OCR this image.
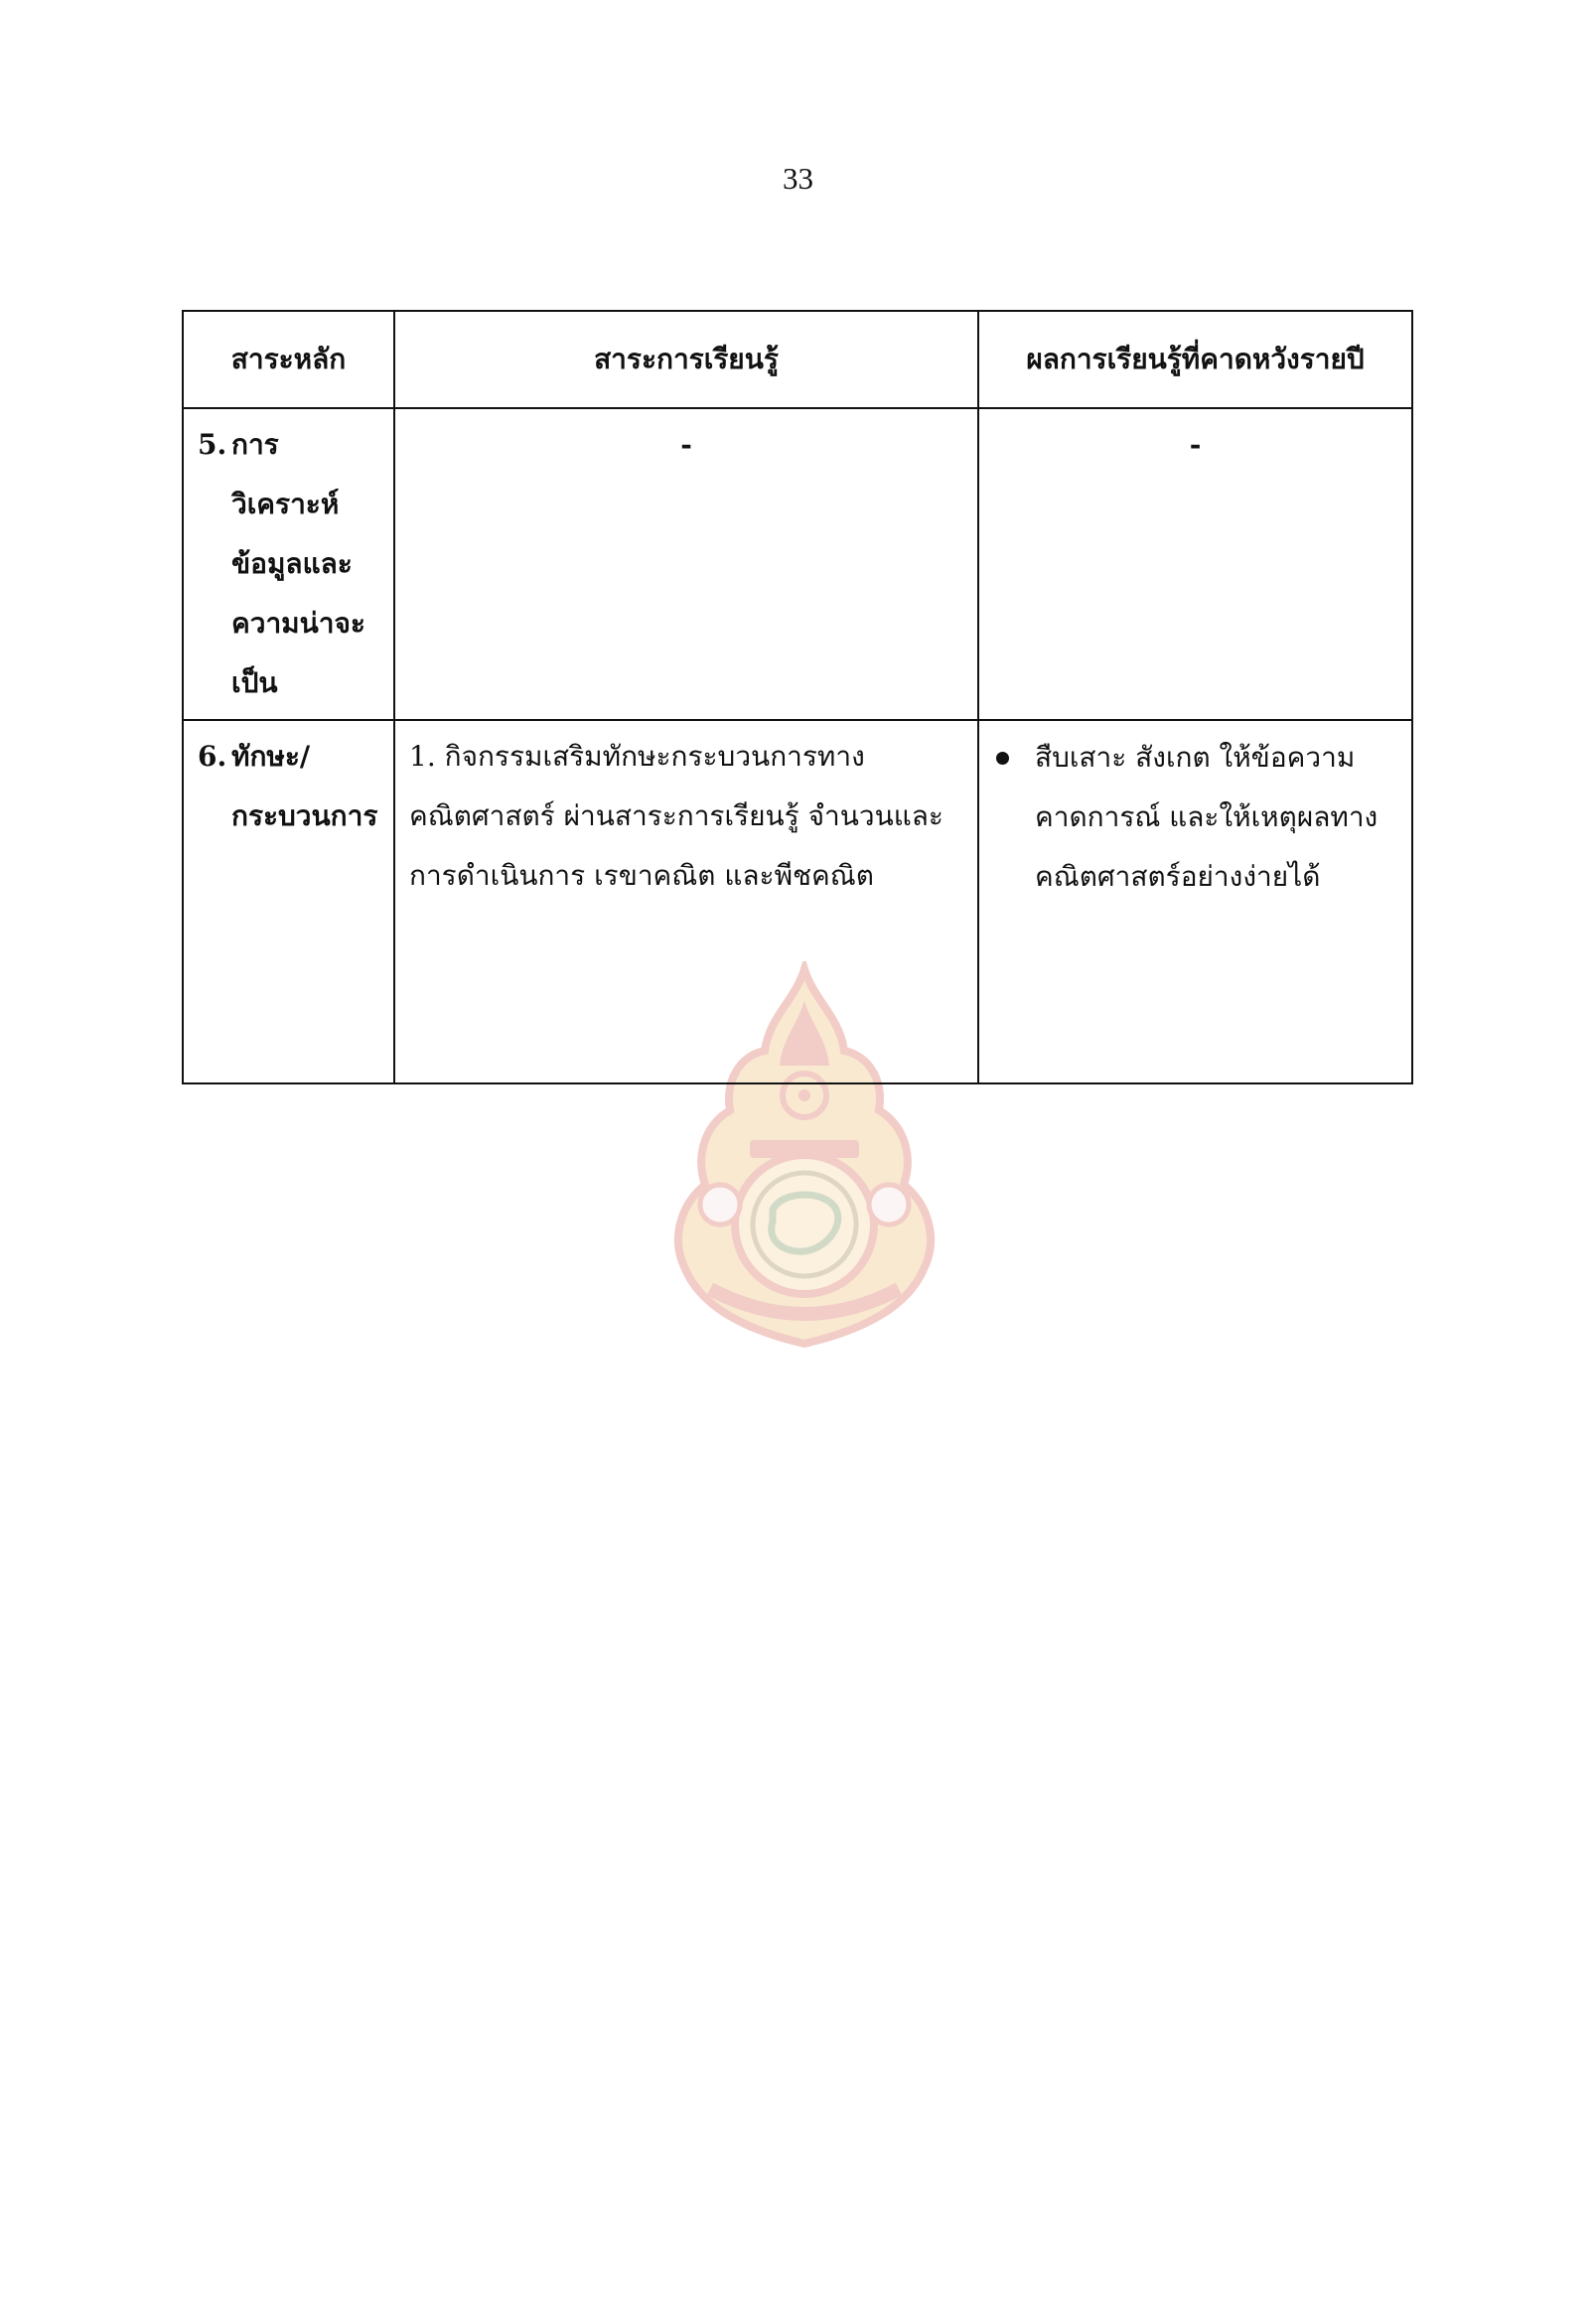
33
สาระหลัก	สาระการเรียนรู้	ผลการเรียนรู้ที่คาดหวังรายปี
5. การวิเคราะห์ข้อมูลและความน่าจะเป็น	-	-
6. ทักษะ/กระบวนการ	1. กิจกรรมเสริมทักษะกระบวนการทางคณิตศาสตร์ ผ่านสาระการเรียนรู้ จำนวนและการดำเนินการ เรขาคณิต และพีชคณิต	สืบเสาะ สังเกต ให้ข้อความคาดการณ์ และให้เหตุผลทางคณิตศาสตร์อย่างง่ายได้
